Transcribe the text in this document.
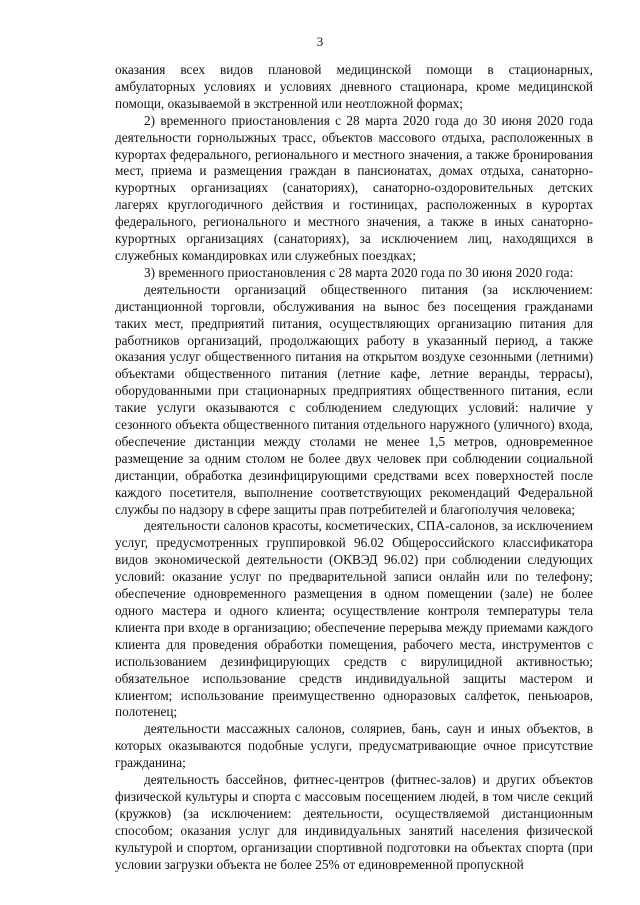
3

оказания всех видов плановой медицинской помощи в стационарных, амбулаторных условиях и условиях дневного стационара, кроме медицинской помощи, оказываемой в экстренной или неотложной формах;

2) временного приостановления с 28 марта 2020 года до 30 июня 2020 года деятельности горнолыжных трасс, объектов массового отдыха, расположенных в курортах федерального, регионального и местного значения, а также бронирования мест, приема и размещения граждан в пансионатах, домах отдыха, санаторно-курортных организациях (санаториях), санаторно-оздоровительных детских лагерях круглогодичного действия и гостиницах, расположенных в курортах федерального, регионального и местного значения, а также в иных санаторно-курортных организациях (санаториях), за исключением лиц, находящихся в служебных командировках или служебных поездках;

3) временного приостановления с 28 марта 2020 года по 30 июня 2020 года:

деятельности организаций общественного питания (за исключением: дистанционной торговли, обслуживания на вынос без посещения гражданами таких мест, предприятий питания, осуществляющих организацию питания для работников организаций, продолжающих работу в указанный период, а также оказания услуг общественного питания на открытом воздухе сезонными (летними) объектами общественного питания (летние кафе, летние веранды, террасы), оборудованными при стационарных предприятиях общественного питания, если такие услуги оказываются с соблюдением следующих условий: наличие у сезонного объекта общественного питания отдельного наружного (уличного) входа, обеспечение дистанции между столами не менее 1,5 метров, одновременное размещение за одним столом не более двух человек при соблюдении социальной дистанции, обработка дезинфицирующими средствами всех поверхностей после каждого посетителя, выполнение соответствующих рекомендаций Федеральной службы по надзору в сфере защиты прав потребителей и благополучия человека;

деятельности салонов красоты, косметических, СПА-салонов, за исключением услуг, предусмотренных группировкой 96.02 Общероссийского классификатора видов экономической деятельности (ОКВЭД 96.02) при соблюдении следующих условий: оказание услуг по предварительной записи онлайн или по телефону; обеспечение одновременного размещения в одном помещении (зале) не более одного мастера и одного клиента; осуществление контроля температуры тела клиента при входе в организацию; обеспечение перерыва между приемами каждого клиента для проведения обработки помещения, рабочего места, инструментов с использованием дезинфицирующих средств с вирулицидной активностью; обязательное использование средств индивидуальной защиты мастером и клиентом; использование преимущественно одноразовых салфеток, пеньюаров, полотенец;

деятельности массажных салонов, соляриев, бань, саун и иных объектов, в которых оказываются подобные услуги, предусматривающие очное присутствие гражданина;

деятельность бассейнов, фитнес-центров (фитнес-залов) и других объектов физической культуры и спорта с массовым посещением людей, в том числе секций (кружков) (за исключением: деятельности, осуществляемой дистанционным способом; оказания услуг для индивидуальных занятий населения физической культурой и спортом, организации спортивной подготовки на объектах спорта (при условии загрузки объекта не более 25% от единовременной пропускной
